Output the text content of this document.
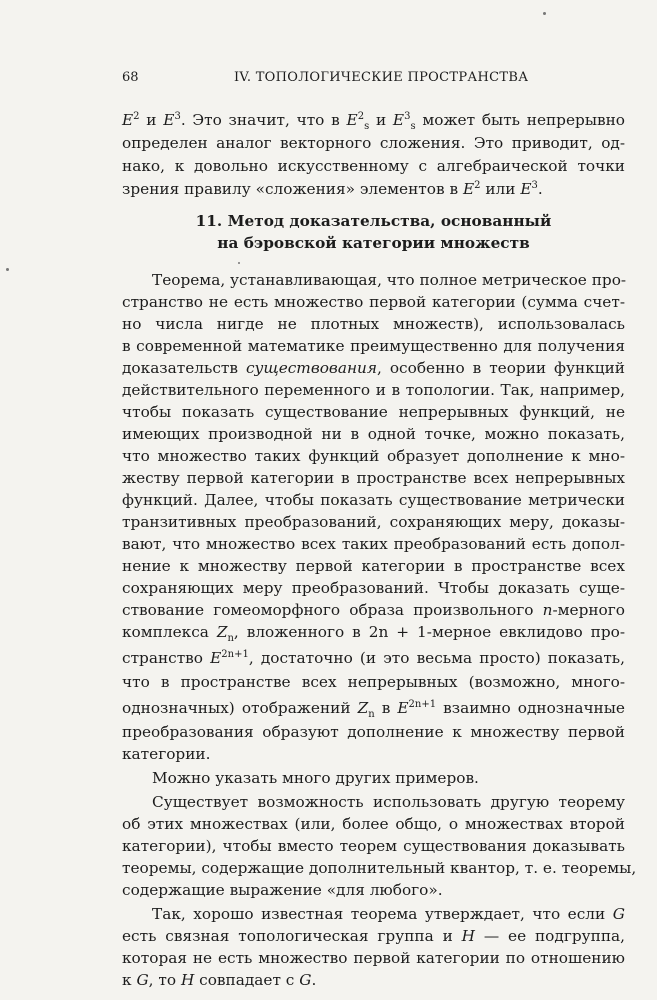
68	IV. ТОПОЛОГИЧЕСКИЕ ПРОСТРАНСТВА
$E^2$ и $E^3$. Это значит, что в $E^2_s$ и $E^3_s$ может быть непрерывно
определен аналог векторного сложения. Это приводит, од-
нако, к довольно искусственному с алгебраической точки
зрения правилу «сложения» элементов в $E^2$ или $E^3$.
11. Метод доказательства, основанный
на бэровской категории множеств
Теорема, устанавливающая, что полное метрическое про-
странство не есть множество первой категории (сумма счет-
но числа нигде не плотных множеств), использовалась
в современной математике преимущественно для получения
доказательств существования, особенно в теории функций
действительного переменного и в топологии. Так, например,
чтобы показать существование непрерывных функций, не
имеющих производной ни в одной точке, можно показать,
что множество таких функций образует дополнение к мно-
жеству первой категории в пространстве всех непрерывных
функций. Далее, чтобы показать существование метрически
транзитивных преобразований, сохраняющих меру, доказы-
вают, что множество всех таких преобразований есть допол-
нение к множеству первой категории в пространстве всех
сохраняющих меру преобразований. Чтобы доказать суще-
ствование гомеоморфного образа произвольного n-мерного
комплекса $Z_n$, вложенного в 2n + 1-мерное евклидово про-
странство $E^{2n+1}$, достаточно (и это весьма просто) показать,
что в пространстве всех непрерывных (возможно, много-
однозначных) отображений $Z_n$ в $E^{2n+1}$ взаимно однозначные
преобразования образуют дополнение к множеству первой
категории.
Можно указать много других примеров.
Существует возможность использовать другую теорему
об этих множествах (или, более общо, о множествах второй
категории), чтобы вместо теорем существования доказывать
теоремы, содержащие дополнительный квантор, т. е. теоремы,
содержащие выражение «для любого».
Так, хорошо известная теорема утверждает, что если G
есть связная топологическая группа и H — ее подгруппа,
которая не есть множество первой категории по отношению
к G, то H совпадает с G.
